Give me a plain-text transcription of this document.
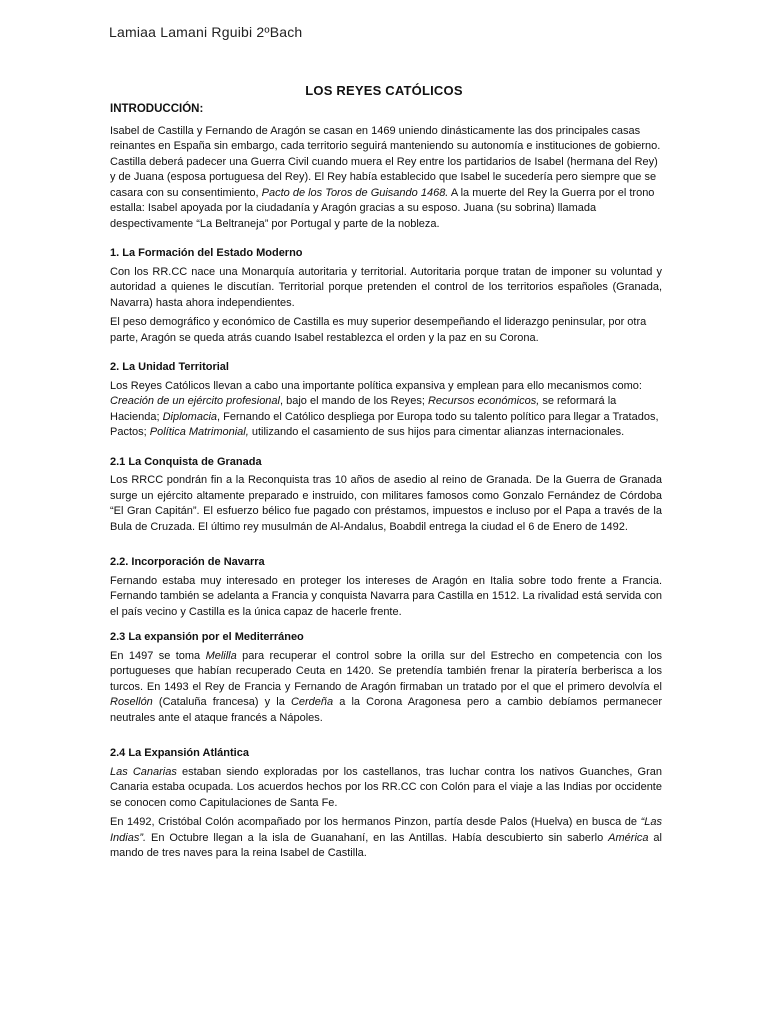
Lamiaa Lamani Rguibi 2ºBach
LOS REYES CATÓLICOS
INTRODUCCIÓN:

Isabel de Castilla y Fernando de Aragón se casan en 1469 uniendo dinásticamente las dos principales casas reinantes en España sin embargo, cada territorio seguirá manteniendo su autonomía e instituciones de gobierno. Castilla deberá padecer una Guerra Civil cuando muera el Rey entre los partidarios de Isabel (hermana del Rey) y de Juana (esposa portuguesa del Rey). El Rey había establecido que Isabel le sucedería pero siempre que se casara con su consentimiento, Pacto de los Toros de Guisando 1468. A la muerte del Rey la Guerra por el trono estalla: Isabel apoyada por la ciudadanía y Aragón gracias a su esposo. Juana (su sobrina) llamada despectivamente “La Beltraneja” por Portugal y parte de la nobleza.

1. La Formación del Estado Moderno

Con los RR.CC nace una Monarquía autoritaria y territorial. Autoritaria porque tratan de imponer su voluntad y autoridad a quienes le discutían. Territorial porque pretenden el control de los territorios españoles (Granada, Navarra) hasta ahora independientes.

El peso demográfico y económico de Castilla es muy superior desempeñando el liderazgo peninsular, por otra parte, Aragón se queda atrás cuando Isabel restablezca el orden y la paz en su Corona.

2. La Unidad Territorial

Los Reyes Católicos llevan a cabo una importante política expansiva y emplean para ello mecanismos como: Creación de un ejército profesional, bajo el mando de los Reyes; Recursos económicos, se reformará la Hacienda; Diplomacia, Fernando el Católico despliega por Europa todo su talento político para llegar a Tratados, Pactos; Política Matrimonial, utilizando el casamiento de sus hijos para cimentar alianzas internacionales.

2.1 La Conquista de Granada

Los RRCC pondrán fin a la Reconquista tras 10 años de asedio al reino de Granada. De la Guerra de Granada surge un ejército altamente preparado e instruido, con militares famosos como Gonzalo Fernández de Córdoba “El Gran Capitán”. El esfuerzo bélico fue pagado con préstamos, impuestos e incluso por el Papa a través de la Bula de Cruzada. El último rey musulmán de Al-Andalus, Boabdil entrega la ciudad el 6 de Enero de 1492.

2.2. Incorporación de Navarra

Fernando estaba muy interesado en proteger los intereses de Aragón en Italia sobre todo frente a Francia. Fernando también se adelanta a Francia y conquista Navarra para Castilla en 1512. La rivalidad está servida con el país vecino y Castilla es la única capaz de hacerle frente.

2.3 La expansión por el Mediterráneo

En 1497 se toma Melilla para recuperar el control sobre la orilla sur del Estrecho en competencia con los portugueses que habían recuperado Ceuta en 1420. Se pretendía también frenar la piratería berberisca a los turcos. En 1493 el Rey de Francia y Fernando de Aragón firmaban un tratado por el que el primero devolvía el Rosellón (Cataluña francesa) y la Cerdeña a la Corona Aragonesa pero a cambio debíamos permanecer neutrales ante el ataque francés a Nápoles.

2.4 La Expansión Atlántica

Las Canarias estaban siendo exploradas por los castellanos, tras luchar contra los nativos Guanches, Gran Canaria estaba ocupada. Los acuerdos hechos por los RR.CC con Colón para el viaje a las Indias por occidente se conocen como Capitulaciones de Santa Fe.

En 1492, Cristóbal Colón acompañado por los hermanos Pinzon, partía desde Palos (Huelva) en busca de “Las Indias”. En Octubre llegan a la isla de Guanahaní, en las Antillas. Había descubierto sin saberlo América al mando de tres naves para la reina Isabel de Castilla.
